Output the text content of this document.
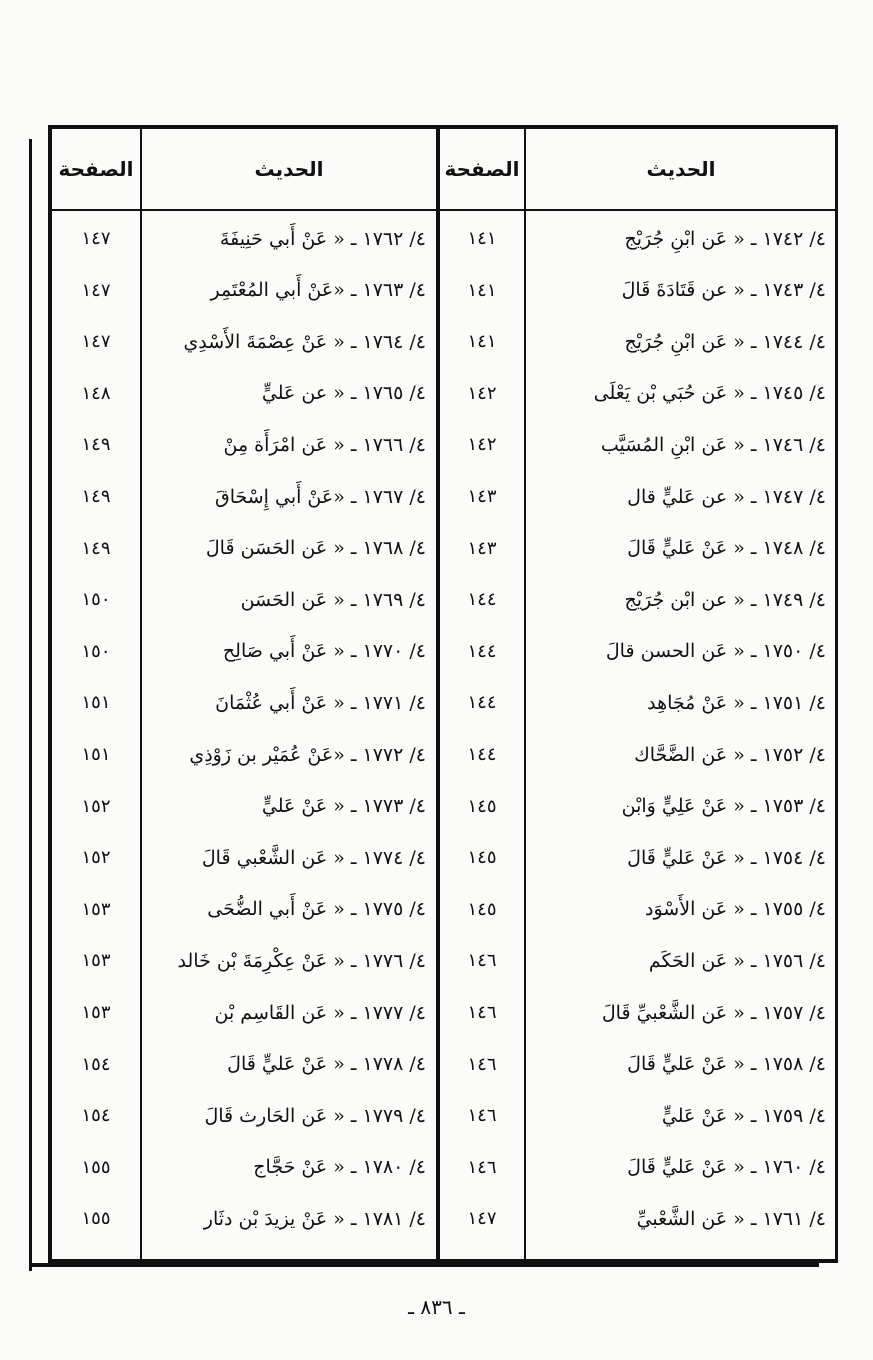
الصفحة	الحديث	الصفحة	الحديث
١٤٧	٤/ ١٧٦٢ ـ « عَنْ أَبي حَنِيفَةَ	١٤١	٤/ ١٧٤٢ ـ « عَن ابْنِ جُرَيْج
١٤٧	٤/ ١٧٦٣ ـ «عَنْ أَبي المُعْتَمِر	١٤١	٤/ ١٧٤٣ ـ « عن قَتَادَةَ قَالَ
١٤٧	٤/ ١٧٦٤ ـ « عَنْ عِصْمَةَ الأَسْدِي	١٤١	٤/ ١٧٤٤ ـ « عَن ابْنِ جُرَيْج
١٤٨	٤/ ١٧٦٥ ـ « عن عَليٍّ	١٤٢	٤/ ١٧٤٥ ـ « عَن حُبَي بْن يَعْلَى
١٤٩	٤/ ١٧٦٦ ـ « عَن امْرَأَة مِنْ	١٤٢	٤/ ١٧٤٦ ـ « عَن ابْنِ المُسَيَّب
١٤٩	٤/ ١٧٦٧ ـ «عَنْ أَبي إِسْحَاقَ	١٤٣	٤/ ١٧٤٧ ـ « عن عَليٍّ قال
١٤٩	٤/ ١٧٦٨ ـ « عَن الحَسَن قَالَ	١٤٣	٤/ ١٧٤٨ ـ « عَنْ عَليٍّ قَالَ
١٥٠	٤/ ١٧٦٩ ـ « عَن الحَسَن	١٤٤	٤/ ١٧٤٩ ـ « عن ابْن جُرَيْج
١٥٠	٤/ ١٧٧٠ ـ « عَنْ أَبي صَالِح	١٤٤	٤/ ١٧٥٠ ـ « عَن الحسن قالَ
١٥١	٤/ ١٧٧١ ـ « عَنْ أَبي عُثْمَانَ	١٤٤	٤/ ١٧٥١ ـ « عَنْ مُجَاهِد
١٥١	٤/ ١٧٧٢ ـ «عَنْ عُمَيْر بن زَوْذِي	١٤٤	٤/ ١٧٥٢ ـ « عَن الضَّحَّاك
١٥٢	٤/ ١٧٧٣ ـ « عَنْ عَليٍّ	١٤٥	٤/ ١٧٥٣ ـ « عَنْ عَلِيٍّ وَابْن
١٥٢	٤/ ١٧٧٤ ـ « عَن الشَّعْبي قَالَ	١٤٥	٤/ ١٧٥٤ ـ « عَنْ عَليٍّ قَالَ
١٥٣	٤/ ١٧٧٥ ـ « عَنْ أَبي الضُّحَى	١٤٥	٤/ ١٧٥٥ ـ « عَن الأَسْوَد
١٥٣	٤/ ١٧٧٦ ـ « عَنْ عِكْرِمَةَ بْن خَالد	١٤٦	٤/ ١٧٥٦ ـ « عَن الحَكَم
١٥٣	٤/ ١٧٧٧ ـ « عَن القَاسِم بْن	١٤٦	٤/ ١٧٥٧ ـ « عَن الشَّعْبيِّ قَالَ
١٥٤	٤/ ١٧٧٨ ـ « عَنْ عَليٍّ قَالَ	١٤٦	٤/ ١٧٥٨ ـ « عَنْ عَليٍّ قَالَ
١٥٤	٤/ ١٧٧٩ ـ « عَن الحَارث قَالَ	١٤٦	٤/ ١٧٥٩ ـ « عَنْ عَليٍّ
١٥٥	٤/ ١٧٨٠ ـ « عَنْ حَجَّاج	١٤٦	٤/ ١٧٦٠ ـ « عَنْ عَليٍّ قَالَ
١٥٥	٤/ ١٧٨١ ـ « عَنْ يزيدَ بْن دثَار	١٤٧	٤/ ١٧٦١ ـ « عَن الشَّعْبيِّ
ـ ٨٣٦ ـ
